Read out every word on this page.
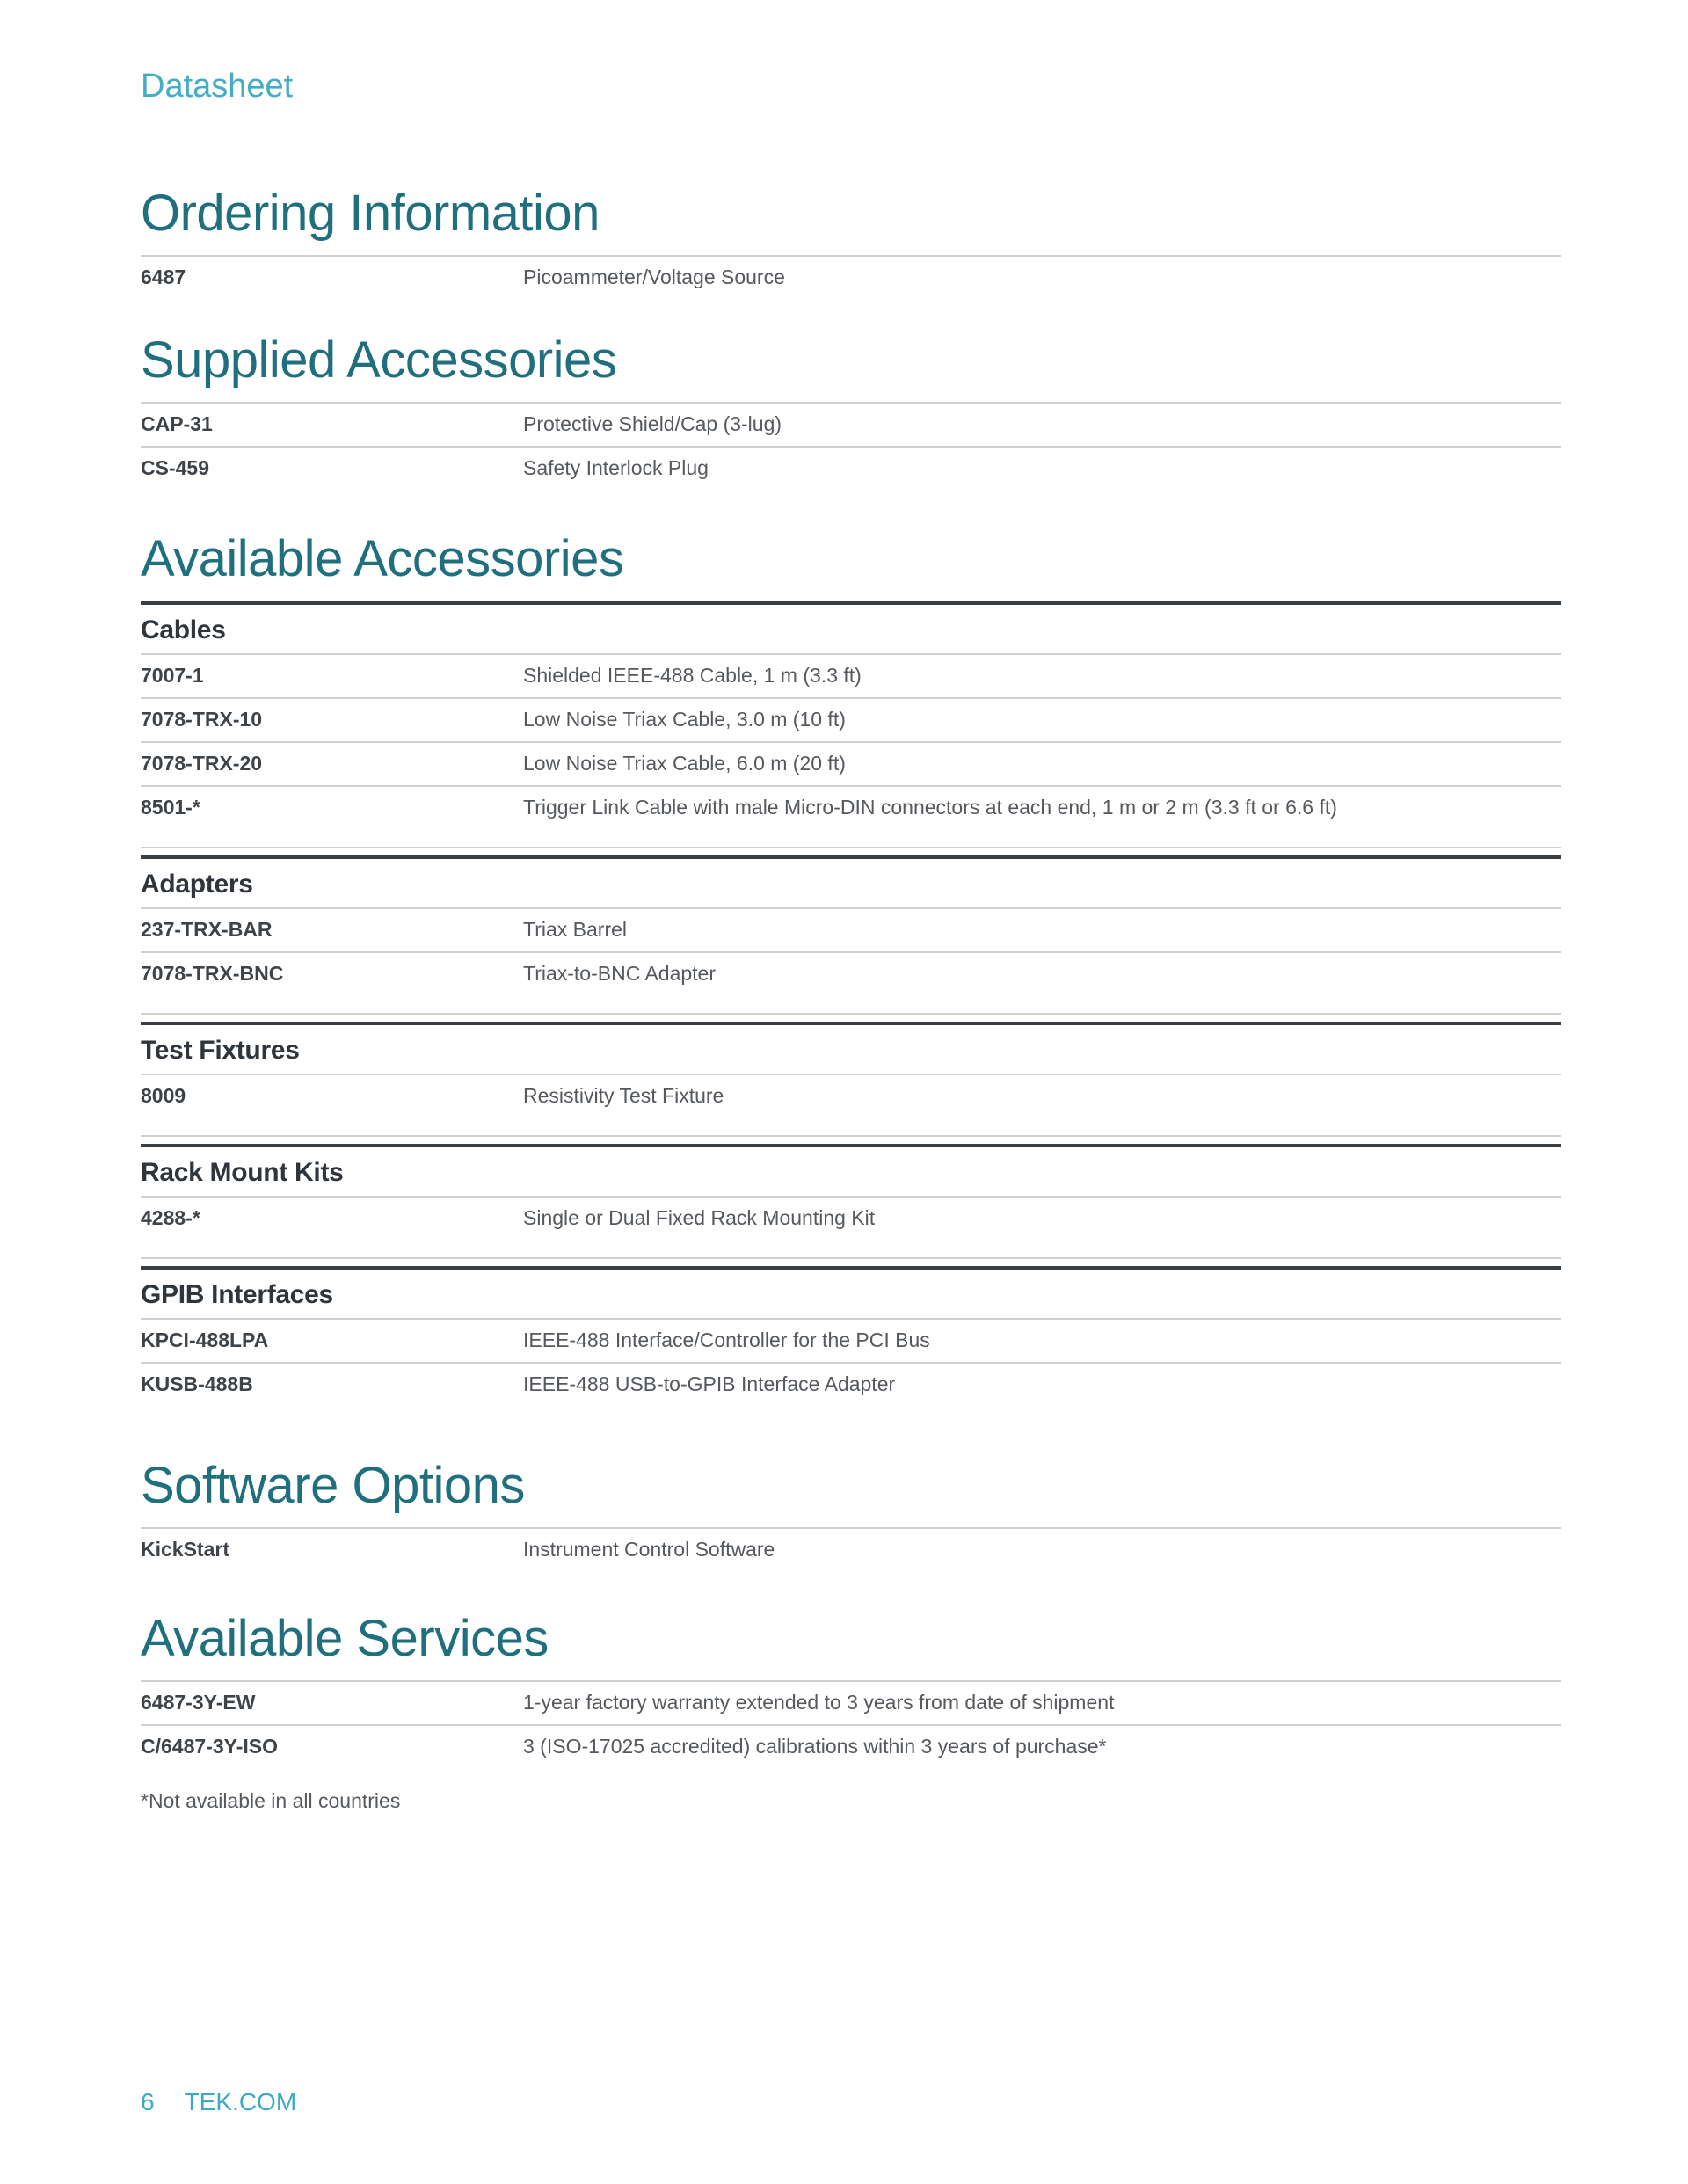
Datasheet
Ordering Information
6487	Picoammeter/Voltage Source
Supplied Accessories
CAP-31	Protective Shield/Cap (3-lug)
CS-459	Safety Interlock Plug
Available Accessories
Cables
7007-1	Shielded IEEE-488 Cable, 1 m (3.3 ft)
7078-TRX-10	Low Noise Triax Cable, 3.0 m (10 ft)
7078-TRX-20	Low Noise Triax Cable, 6.0 m (20 ft)
8501-*	Trigger Link Cable with male Micro-DIN connectors at each end, 1 m or 2 m (3.3 ft or 6.6 ft)
Adapters
237-TRX-BAR	Triax Barrel
7078-TRX-BNC	Triax-to-BNC Adapter
Test Fixtures
8009	Resistivity Test Fixture
Rack Mount Kits
4288-*	Single or Dual Fixed Rack Mounting Kit
GPIB Interfaces
KPCI-488LPA	IEEE-488 Interface/Controller for the PCI Bus
KUSB-488B	IEEE-488 USB-to-GPIB Interface Adapter
Software Options
KickStart	Instrument Control Software
Available Services
6487-3Y-EW	1-year factory warranty extended to 3 years from date of shipment
C/6487-3Y-ISO	3 (ISO-17025 accredited) calibrations within 3 years of purchase*
*Not available in all countries
6 TEK.COM
